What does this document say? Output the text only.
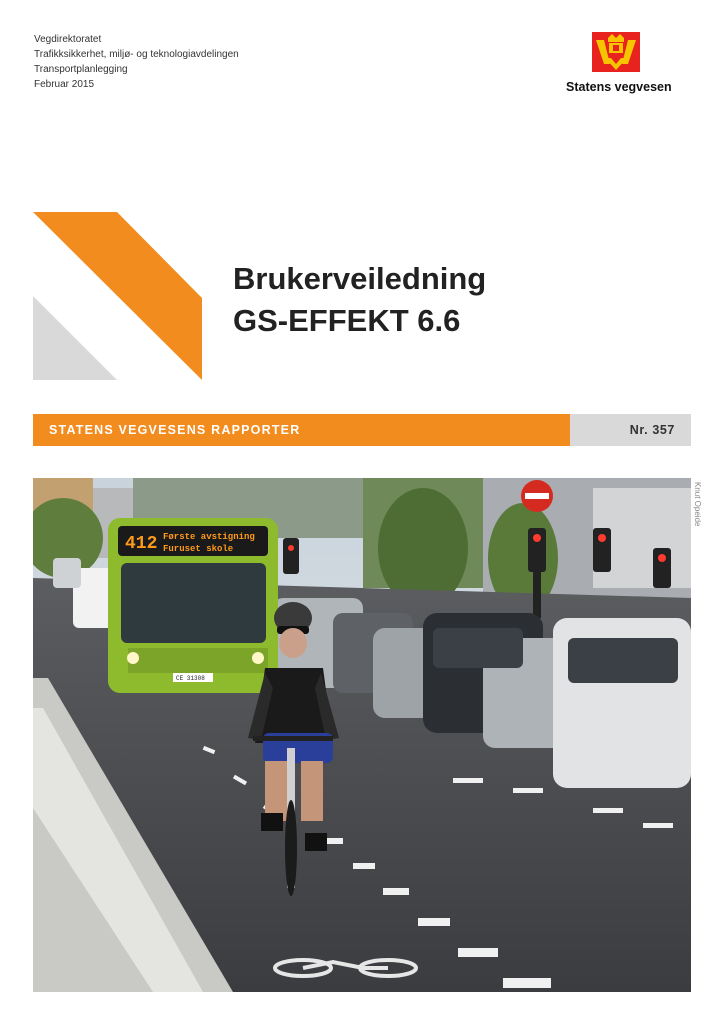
Vegdirektoratet
Trafikksikkerhet, miljø- og teknologiavdelingen
Transportplanlegging
Februar 2015	Statens vegvesen
Brukerveiledning
GS-EFFEKT 6.6
STATENS VEGVESENS RAPPORTER	Nr. 357
412 Første avstigning
Furuset skole
CE 31308
Knut Opeide
